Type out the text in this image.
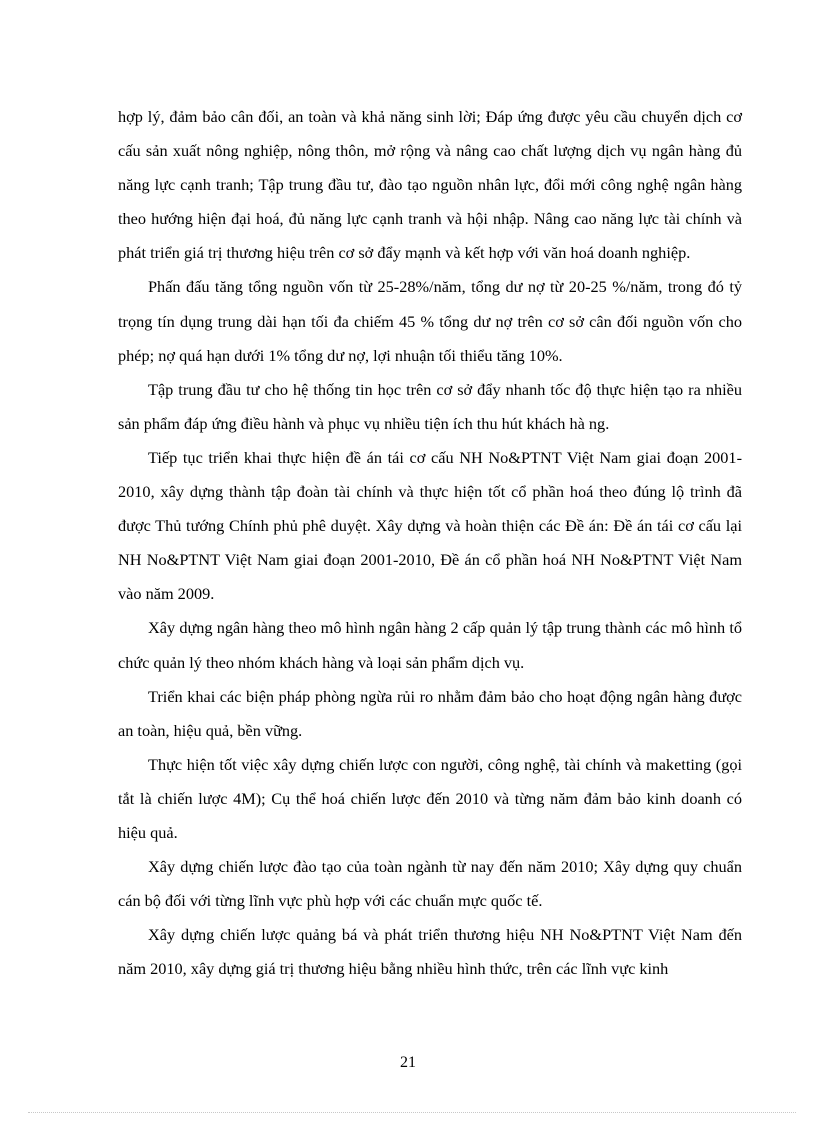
hợp lý, đảm bảo cân đối, an toàn và khả năng sinh lời; Đáp ứng được yêu cầu chuyển dịch cơ cấu sản xuất nông nghiệp, nông thôn, mở rộng và nâng cao chất lượng dịch vụ ngân hàng đủ năng lực cạnh tranh; Tập trung đầu tư, đào tạo nguồn nhân lực, đổi mới công nghệ ngân hàng theo hướng hiện đại hoá, đủ năng lực cạnh tranh và hội nhập. Nâng cao năng lực tài chính và phát triển giá trị thương hiệu trên cơ sở đẩy mạnh và kết hợp với văn hoá doanh nghiệp.

Phấn đấu tăng tổng nguồn vốn từ 25-28%/năm, tổng dư nợ từ 20-25 %/năm, trong đó tỷ trọng tín dụng trung dài hạn tối đa chiếm 45 % tổng dư nợ trên cơ sở cân đối nguồn vốn cho phép; nợ quá hạn dưới 1% tổng dư nợ, lợi nhuận tối thiểu tăng 10%.

Tập trung đầu tư cho hệ thống tin học trên cơ sở đẩy nhanh tốc độ thực hiện tạo ra nhiều sản phẩm đáp ứng điều hành và phục vụ nhiều tiện ích thu hút khách hà ng.

Tiếp tục triển khai thực hiện đề án tái cơ cấu NH No&PTNT Việt Nam giai đoạn 2001- 2010, xây dựng thành tập đoàn tài chính và thực hiện tốt cổ phần hoá theo đúng lộ trình đã được Thủ tướng Chính phủ phê duyệt. Xây dựng và hoàn thiện các Đề án: Đề án tái cơ cấu lại NH No&PTNT Việt Nam giai đoạn 2001-2010, Đề án cổ phần hoá NH No&PTNT Việt Nam vào năm 2009.

Xây dựng ngân hàng theo mô hình ngân hàng 2 cấp quản lý tập trung thành các mô hình tổ chức quản lý theo nhóm khách hàng và loại sản phẩm dịch vụ.

Triển khai các biện pháp phòng ngừa rủi ro nhằm đảm bảo cho hoạt động ngân hàng được an toàn, hiệu quả, bền vững.

Thực hiện tốt việc xây dựng chiến lược con người, công nghệ, tài chính và maketting (gọi tắt là chiến lược 4M); Cụ thể hoá chiến lược đến 2010 và từng năm đảm bảo kinh doanh có hiệu quả.

Xây dựng chiến lược đào tạo của toàn ngành từ nay đến năm 2010; Xây dựng quy chuẩn cán bộ đối với từng lĩnh vực phù hợp với các chuẩn mực quốc tế.

Xây dựng chiến lược quảng bá và phát triển thương hiệu NH No&PTNT Việt Nam đến năm 2010, xây dựng giá trị thương hiệu bằng nhiều hình thức, trên các lĩnh vực kinh

21
